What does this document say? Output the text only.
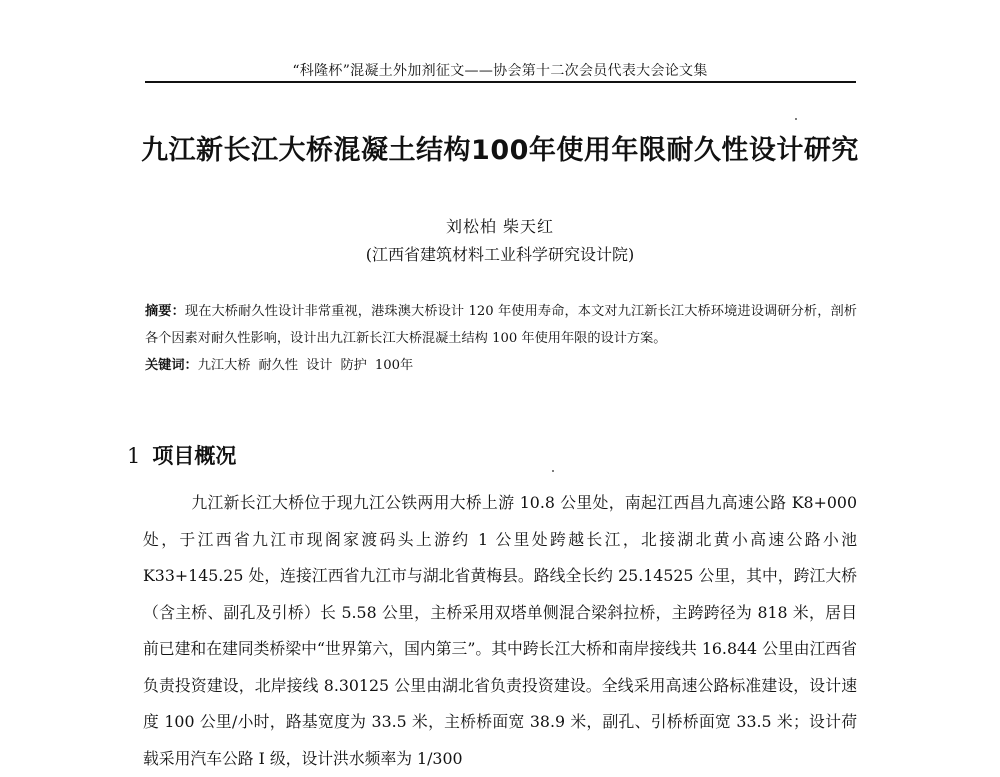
“科隆杯”混凝土外加剂征文——协会第十二次会员代表大会论文集
九江新长江大桥混凝土结构100年使用年限耐久性设计研究
刘松柏 柴天红
(江西省建筑材料工业科学研究设计院)
摘要：现在大桥耐久性设计非常重视，港珠澳大桥设计 120 年使用寿命，本文对九江新长江大桥环境进设调研分析，剖析各个因素对耐久性影响，设计出九江新长江大桥混凝土结构 100 年使用年限的设计方案。
关键词：九江大桥 耐久性 设计 防护 100年
1 项目概况
九江新长江大桥位于现九江公铁两用大桥上游 10.8 公里处，南起江西昌九高速公路 K8+000 处，于江西省九江市现阁家渡码头上游约 1 公里处跨越长江，北接湖北黄小高速公路小池 K33+145.25 处，连接江西省九江市与湖北省黄梅县。路线全长约 25.14525 公里，其中，跨江大桥（含主桥、副孔及引桥）长 5.58 公里，主桥采用双塔单侧混合梁斜拉桥，主跨跨径为 818 米，居目前已建和在建同类桥梁中“世界第六，国内第三”。其中跨长江大桥和南岸接线共 16.844 公里由江西省负责投资建设，北岸接线 8.30125 公里由湖北省负责投资建设。全线采用高速公路标准建设，设计速度 100 公里/小时，路基宽度为 33.5 米，主桥桥面宽 38.9 米，副孔、引桥桥面宽 33.5 米；设计荷载采用汽车公路 I 级，设计洪水频率为 1/300
